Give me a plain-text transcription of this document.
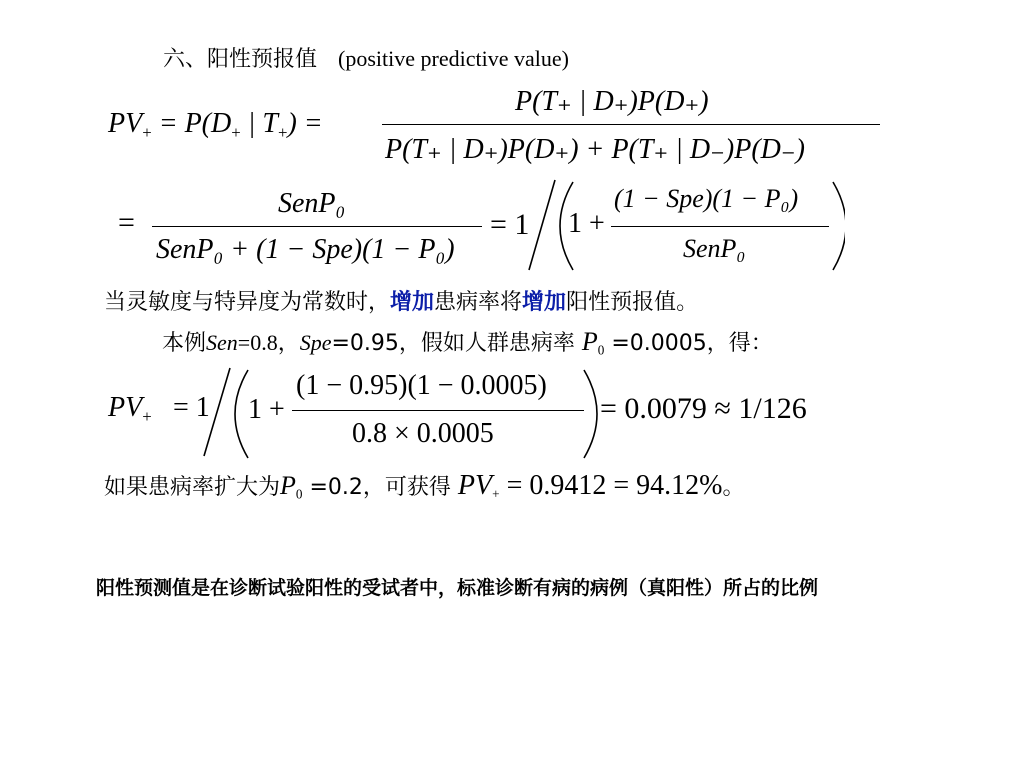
六、阳性预报值 (positive predictive value)
$PV_+ = P(D_+$ | $T_+$) =
P(T₊ | D₊)P(D₊)
P(T₊ | D₊)P(D₊) + P(T₊ | D₋)P(D₋)
=
SenP₀
SenP₀ + (1 − Spe)(1 − P₀)
= 1 1 +
(1 − Spe)(1 − P₀)
SenP₀
当灵敏度与特异度为常数时，增加患病率将增加阳性预报值。
本例Sen=0.8，Spe=0.95，假如人群患病率 $P_0 =0.0005$，得：
$PV_+ = 1$ 1 +
(1 − 0.95)(1 − 0.0005)
0.8 × 0.0005
= 0.0079 ≈ 1/126
如果患病率扩大为$P_0 =0.2$，可获得 $PV_+ = 0.9412 = 94.12\%$。
阳性预测值是在诊断试验阳性的受试者中，标准诊断有病的病例（真阳性）所占的比例
